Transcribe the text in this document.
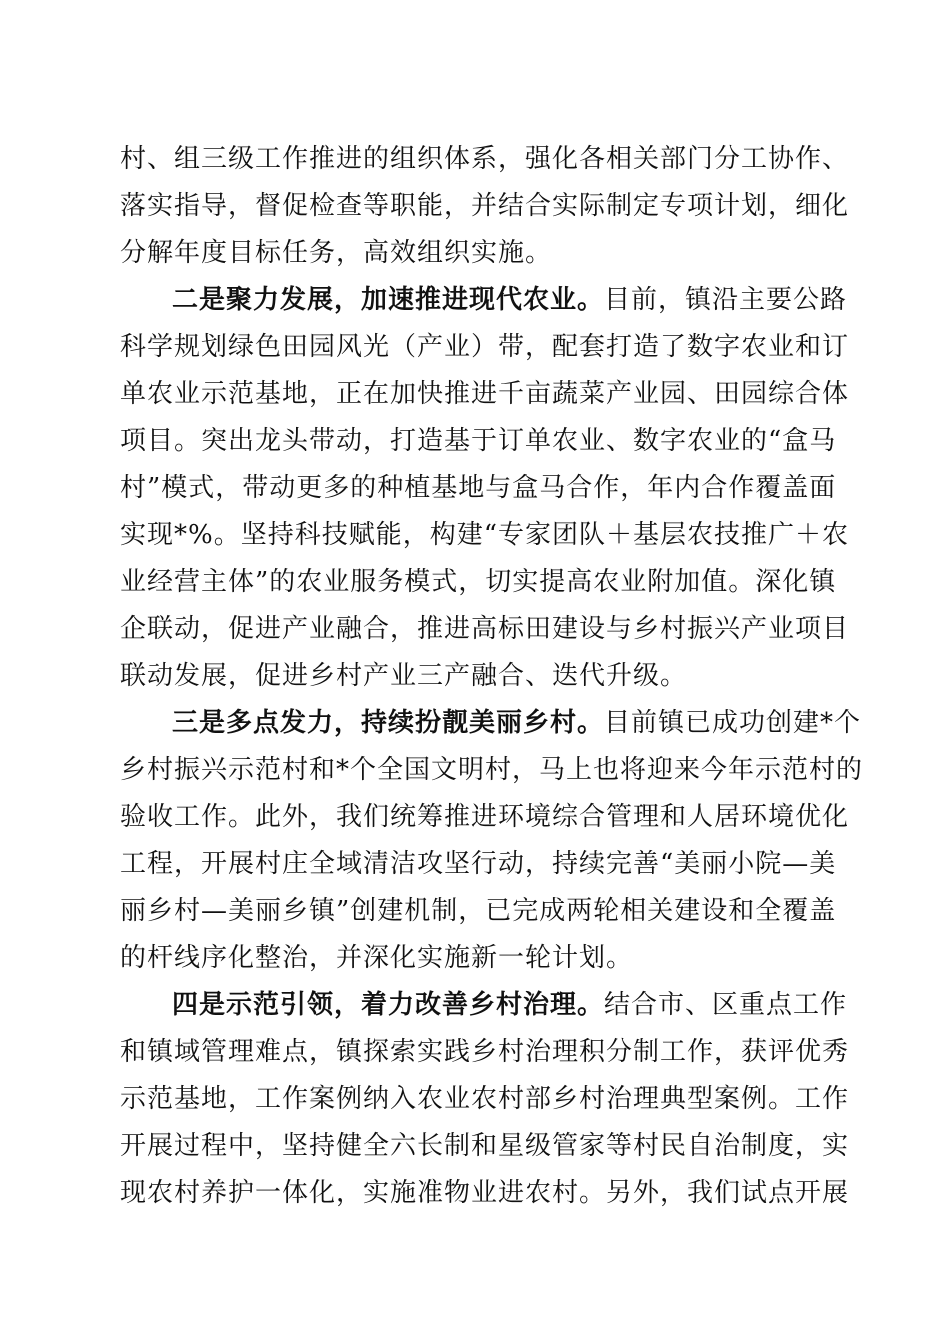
村、组三级工作推进的组织体系，强化各相关部门分工协作、
落实指导，督促检查等职能，并结合实际制定专项计划，细化
分解年度目标任务，高效组织实施。
二是聚力发展，加速推进现代农业。目前，镇沿主要公路
科学规划绿色田园风光（产业）带，配套打造了数字农业和订
单农业示范基地，正在加快推进千亩蔬菜产业园、田园综合体
项目。突出龙头带动，打造基于订单农业、数字农业的“盒马
村”模式，带动更多的种植基地与盒马合作，年内合作覆盖面
实现*%。坚持科技赋能，构建“专家团队＋基层农技推广＋农
业经营主体”的农业服务模式，切实提高农业附加值。深化镇
企联动，促进产业融合，推进高标田建设与乡村振兴产业项目
联动发展，促进乡村产业三产融合、迭代升级。
三是多点发力，持续扮靓美丽乡村。目前镇已成功创建*个
乡村振兴示范村和*个全国文明村，马上也将迎来今年示范村的
验收工作。此外，我们统筹推进环境综合管理和人居环境优化
工程，开展村庄全域清洁攻坚行动，持续完善“美丽小院—美
丽乡村—美丽乡镇”创建机制，已完成两轮相关建设和全覆盖
的杆线序化整治，并深化实施新一轮计划。
四是示范引领，着力改善乡村治理。结合市、区重点工作
和镇域管理难点，镇探索实践乡村治理积分制工作，获评优秀
示范基地，工作案例纳入农业农村部乡村治理典型案例。工作
开展过程中，坚持健全六长制和星级管家等村民自治制度，实
现农村养护一体化，实施准物业进农村。另外，我们试点开展
